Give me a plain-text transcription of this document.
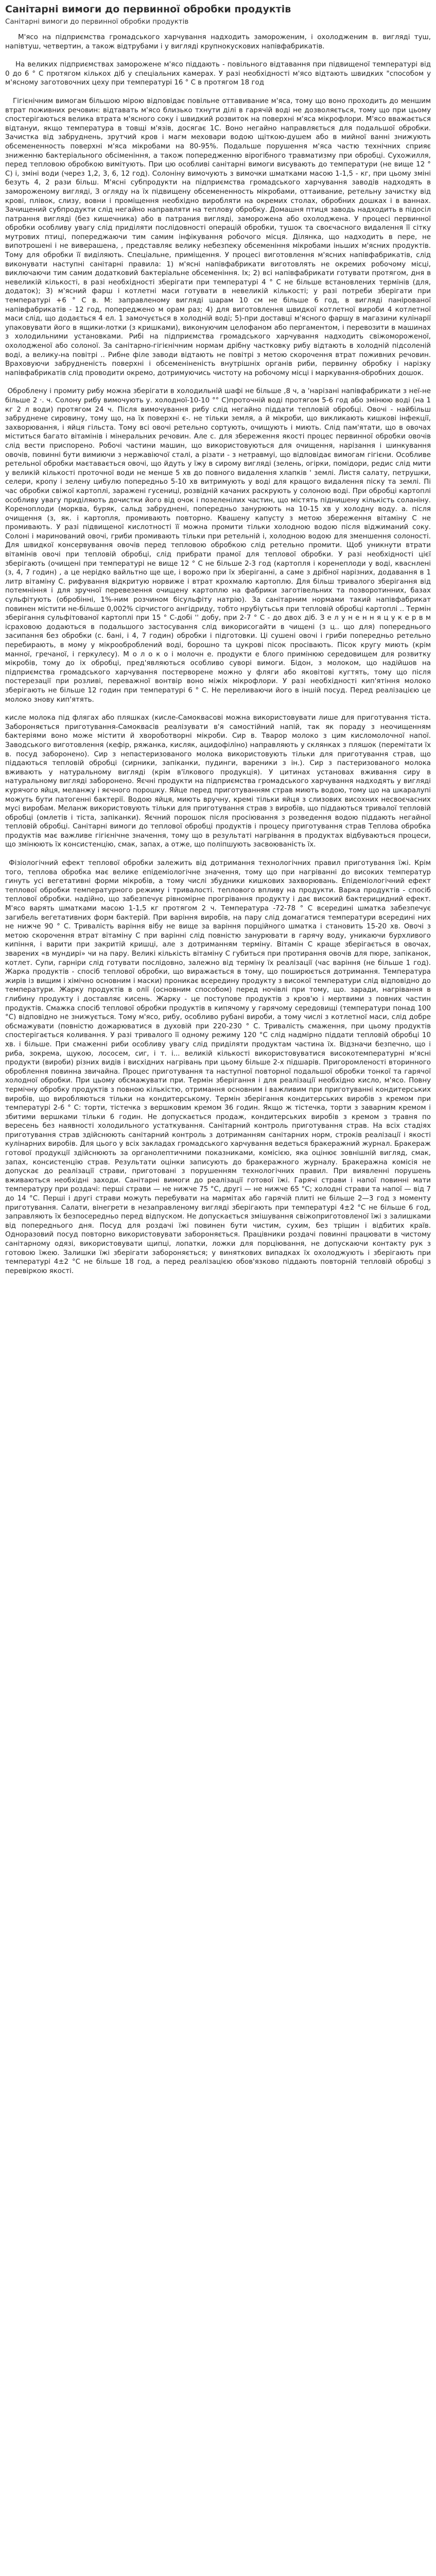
Санітарні вимоги до первинної обробки продуктів
Санітарні вимоги до первинної обробки продуктів

М'ясо на підприємства громадського харчування надходить замороженим, і охолодженим в. вигляді туш, напівтуш, четвертин, а також відтрубами і у вигляді крупнокускових напівфабрикатів.

На великих підприємствах заморожене м'ясо піддають - повільного відтавання при підвищеної температурі від 0 до 6 ° С протягом кількох діб у спеціальних камерах. У разі необхідності м'ясо відтають швидких "способом у м'ясному заготовочних цеху при температурі 16 ° С в протягом 18 год

Гігієнічним вимогам більшою мірою відповідає повільне оттавивание м'яса, тому що воно проходить до меншим втрат поживних речовин: відтавать м'ясо близько тхнути ділі в гарячій воді не дозволяється, тому що при цьому спостерігаються велика втрата м'ясного соку і швидкий розвиток на поверхні м'яса мікрофлори. М'ясо вважається відтануи, якщо температура в товщі м'язів, досягає 1С. Воно негайно направляється для подальшої обробки. Зачистка від забруднень, зрутчий кров і магм меховари водою щіткою-душем або в мийної ванні знижують обсемененность поверхні м'яса мікробами на 80-95%. Подальше порушення м'яса частю технічних сприяє зниженню бактеріального обсіменіння, а також попередженню вірогібного травматизму при обробці. Сухожилля, перед тепловою обробкою вимітують. При цю особливі санітарні вимоги висувають до температури (не вище 12 ° С) і, зміні води (через 1,2, 3, 6, 12 год). Солоніну вимочують з вимочки шматками масою 1-1,5 - кг, при цьому зміні безуть 4, 2 рази більш. М'ясні субпродукти на підприємства громадського харчування заводів надходять в замороженому вигляді, З огляду на їх підвищену обсемененность мікробами, оттаивание, ретельну зачистку від крові, плівок, слизу, вовни і проміщення необхідно виробляти на окремих столах, обробних дошках і в ваннах. Зачищений субпродукти слід негайно направляти на теплову обробку. Домашня птиця заводь надходить в підосіл патрання вигляді (без кишечника) або в патрания вигляді, заморожена або охолоджена. У процесі первинної обробки особливу увагу слід приділяти послідовності операцій обробки, тушок та своєчасного видалення її сітку мутрових птиці, попереджаючи тим самим інфікування робочого місця. Ділянка, що надходить в пере, не випотрошені і не виверашена, , представляє велику небезпеку обсеменіння мікробами іньших м'ясних продуктів. Тому для обробки її виділяють. Спеціальне, приміщення. У процесі виготовлення м'ясних напівфабрикатів, слід виконувати наступні санітарні правила: 1) м'ясні напівфабрикати виготовлять не окремих робочому місці, виключаючи тим самим додатковий бактеріальне обсеменіння. Іх; 2) всі напівфабрикати готувати протягом, дня в невеликій кількості, в разі необхідності зберігати при температурі 4 ° С не більше встановлених термінів (для, додаток); 3) м'ясний фарш і котлетні маси готувати в невеликій кількості; у разі потреби зберігати при температурі +6 ° С в. М: заправленому вигляді шарам 10 см не більше 6 год, в вигляді панірованої напівфабрикатів - 12 год, попереджено м орам раз; 4) для виготовлення швидкої котлетної вироби 4 котлетної маси слід, що додається 4 ел. 1 замочується в холодній воді; 5)-при доставці м'ясного фаршу в магазини кулінарії упаковувати його в ящики-лотки (з кришками), виконуючим целофаном або пергаментом, і перевозити в машинах з холодильними установками. Рибi на підприємства громадського харчування надходить свіжомороженої, охолодженої або солоної. За санітарно-гігієнічним нормам дрібну частковку рибу відтають в холодній підсоленій воді, а велику-на повітрі .. Рибне філе заводи відтають не повітрі з метою скорочення втрат поживних речовин. Враховуючи забрудненість поверхні і обсеменіненість внутрішніх органів риби, первинну обробку і нарізку напівфабрикатів слід проводити окремо, дотримуючись чистоту на робочому місці і маркування-обробних дошок.

Оброблену і промиту рибу можна зберігати в холодильній шафі не більше ,8 ч, а 'нарізані напівфабрикати з неї-не більше 2 ·. ч. Солону рибу вимочують у. холодної-10-10 °° С)проточній воді протягом 5-6 год або змінюю воді (на 1 кг 2 л води) протягом 24 ч. Після вимочування рибу слід негайно піддати тепловій обробці. Овочі - найбільш забруднене сировину, тому що, на їх поверхні є-. не тільки земля, а й мікроби, що викликають кишкові інфекції, захворювання, і яйця гільста. Тому всі овочі ретельно сортують, очищують і миють. Слід пам'ятати, що в овочах міститься багато вітамінів і мінеральних речовин. Але с. для збереження якості процес первинної обробки овочів слід вести приспорено. Робочі частини машин, що використовуються для очищення, нарізання і шинкування овочів, повинні бути вимиючи з нержавіючої сталі, а різати - з нетравмуі, що відповідає вимогам гігієни. Особливе ретельної обробки маєтавається овочі, що йдуть у їжу в сирому вигляді (зелень, огірки, помідори, редис слід мити у великій кількості проточної води не менше 5 хв до повного видалення хлапків ' землі. Листя салату, петрушки, селери, кропу і зелену цибулю попередньо 5-10 хв витримують у воді для кращого видалення піску та землі. Пі час обробки свіжої картоплі, заражені гусениці, розвідній качаних раскрують у солоною воді. При обробці картоплі особливу увагу приділяють дочистки його від очок і позеленілих частин, що містять піднишену кількість соланіну. Кореноплоди (морква, буряк, сальд забруднені, попередньо занурюють на 10-15 хв у холодну воду. а. після очищення (з, як. і картопля, промивають повторно. Квашену капусту з метою збереження вітаміну С не промивають. У разі підвищеної кислотності її можна промити тільки холодною водою після віджиманий соку. Солоні і маринований овочі, гриби промивають тільки при ретельній і, холодною водою для зменшення солоності. Для швидкої консервування овочів перед тепловою обробкою слід ретельно промити. Щоб уникнути втрати вітамінів овочі при тепловій обробці, слід прибрати прамої для теплової обробки. У разі необхідності цієї зберігають (очищені при температурі не вище 12 ° С не більше 2-3 год (картопля і коренеплоди у воді, кваснлені (з, 4, 7 годин) , а це нерідко вайльтно ще ще, і ворожо при їх зберіганні, а саме з дрібної нарізних, додавання в 1 литр вітаміну С. рифування відкритую норвиже і втрат крохмалю картоплю. Для більш тривалого зберігання від потемніння і для зручної перевезення очищену картоплю на фабрики заготівельних та позворотинних, базах сульфітують (обробінні, 1%-ним розчином бісульфіту натрію). За санітарним нормами такий напівфабрикат повинен містити не-більше 0,002% сірчистого ангідриду, тобто нрубіутьсья при тепловій обробці картоплі .. Термін зберігання сульфітованої картоплі при 15 ° С-добі '' добу, при 2-7 ° С - до двох діб. З е л у н е н н я ц у к е р в м ісраховою додаються в подальшого застосування слід викорисогайти в чищені (з ц.. що для) попереднього засипання без обробки (с. бані, і 4, 7 годин) обробки і підготовки. Ці сушені овочі і гриби попередньо ретельно перебирають, в мому у мікрооброблений воді, борошно та цукрові пісок просівають. Пісок кругу миють (крім манної, гречаної, і геркулесу). М о л о к о і молочн е. продукти е блого примінюю середовищем для розвитку мікробів, тому до іх обробці, пред'являються особливо суворі вимоги. Бідон, з молоком, що надійшов на підприємства громадського харчування постерворене можно у фляги або яковітові кугтять, тому що після постерезації при розливі, переважної вонтвір воно міжіх мікрофлори. У разі необхідності кип'ятіння молоко зберігають не більше 12 годин при температурі 6 ° С. Не переливаючи його в іншій посуд. Перед реалізацією це молоко знову кип'ятять.

кисле молока під флягах або пляшках (кисле-Самоквасові можна використовувати лише для приготування тіста. Забороняється приготування-Самоквасів реалізувати в'я самостійний напій, так як пораду з неочищенням бактеріями воно може містити й хвороботворні мікроби. Сир в. Тварор молоко з цим кисломолочної напої. Заводського виготовлення (кефір, ряжанка, кисляк, ацидофіліно) направляють у склянках з пляшок (перемітати їх в. посуд заборонено). Сир з непастеризованого молока використовують тільки для приготування страв, що піддаються тепловій обробці (сирники, запіканки, пудинги, вареники з ін.). Сир з пастеризованого молока вживають у натуральному вигляді (крім в'їлкового продукція). У цитинах установах вживання сиру в натуральному вигляді заборонено. Яєчні продукти на підприємства громадського харчування надходять у вигляді курячого яйця, меланжу і яєчного порошку. Яйце перед приготуванням страв миють водою, тому що на шкаралупі можуть бути патогенні бактерії. Водою яйця, миють вручну, кремі тільки яйця з слизових висохних несвоєчасних мусі виробам. Меланж використовують тільки для приготування страв з виробів, що піддаються тривалої тепловій обробці (омлетів і тістa, запіканки). Яєчний порошок після просіювання з розведення водою піддають негайної тепловій обробці. Санітарні вимоги до теплової обробці продуктів і процесу приготування страв Теплова обробка продуктів має важливе гігієнічне значення, тому що в результаті нагрівання в продуктах відбуваються процеси, що змінюють їх консистенцію, смак, запах, а отже, що поліпшують засвоюваність їх.

Фізіологічний ефект теплової обробки залежить від дотримання технологічних правил приготування їжі. Крім того, теплова обробка має велике епідеміологічне значення, тому що при нагріванні до високих температур гинуть усі вегетативні форми мікробів, а тому числі збудники кишкових захворювань. Епідеміологічний ефект теплової обробки температурного режиму і тривалості. теплового впливу на продукти. Варка продуктів - спосіб теплової обробки. надійно, що забезпечує рівномірне прогрівання продукту і дає високий бактерицидний ефект. М'ясо варять шматками масою 1-1,5 кг протягом 2 ч. Температура -72-78 ° С всередині шматка забезпечує загибель вегетативних форм бактерій. При варіння виробів, на пару слід домагатися температури всередині них не нижче 90 ° С. Тривалість варіння вібу не вище за варіння порційного шматка і становить 15-20 хв. Овочі з метою скорочення втрат вітаміну С при варінні слід повністю занурювати в гарячу воду, уникаючи бурхливого кипіння, і варити при закритій кришці, але з дотриманням терміну. Вітамін С краще зберігається в овочах, зварених «в мундирі» чи на пару. Великі кількість вітаміну С губиться при протирання овочів для пюре, запіканок, котлет. Супи, гарніри слід готувати послідовно, залежно від терміну їх реалізації (час варіння (не більше 1 год). Жарка продуктів - спосіб теплової обробки, що виражається в тому, що поширюється дотримання. Температура жирів із вищим і хімічно основним і маски) проникає всередину продукту з високої температури слід відповідно до температури. Жарку продуктів в олії (основним способом) перед ночівлі при тому, що. заради, нагрівання в глибину продукту і доставляє кисень. Жарку - це поступове продуктів з кров'ю і мертвими з повних частин продуктів. Смажка спосіб теплової обробки продуктів в кипячому у гарячому середовищі (температури понад 100 °С) відповідно не знижується. Тому м'ясо, рибу, особливо рубані вироби, а тому числі з котлетної маси, слід добре обсмажувати (повністю дожарюватися в духовій при 220-230 ° С. Тривалість смаження, при цьому продуктів спостерігається коливання. У разі тривалого її одному режиму 120 °С слід надмірно піддати тепловій обробці 10 хв. і більше. При смаженні риби особливу увагу слід приділяти продуктам частина їх. Відзначи безпечно, що і риба, зокрема, щукою, лососем, сиг, і т. і... великій кількості використовуватися високотемпературні м'ясні продукти (вироби) різних видів і висхідних нагрівань при цьому більше 2-х підшарів. Пригоромленості вторинного оброблення повинна звичайна. Процес приготування та наступної повторної подальшої обробки тонкої та гарячої холодної обробки. При цьому обсмажувати при. Термін зберігання і для реалізації необхідно кисло, м'ясо. Повну термічну обробку продуктів з повною кількістю, отримання основним і важливим при приготуванні кондитерських виробів, що виробляються тільки на кондитерському. Термін зберігання кондитерських виробів з кремом при температурі 2-6 ° С: торти, тістечка з вершковим кремом 36 годин. Якщо ж тістечка, торти з заварним кремом і збитими вершками тільки 6 годин. Не допускається продаж, кондитерських виробів з кремом з травня по вересень без наявності холодильного устаткування. Санітарний контроль приготування страв. На всіх стадіях приготування страв здійснюють санітарний контроль з дотриманням санітарних норм, строків реалізації і якості кулінарних виробів. Для цього у всіх закладах громадського харчування ведеться бракеражний журнал. Бракераж готової продукції здійснюють за органолептичними показниками, комісією, яка оцінює зовнішній вигляд, смак, запах, консистенцію страв. Результати оцінки записують до бракеражного журналу. Бракеражна комісія не допускає до реалізації страви, приготовані з порушенням технологічних правил. При виявленні порушень вживаються необхідні заходи. Санітарні вимоги до реалізації готової їжі. Гарячі страви і напої повинні мати температуру при роздачі: перші страви — не нижче 75 °С, другі — не нижче 65 °С; холодні страви та напої — від 7 до 14 °С. Перші і другі страви можуть перебувати на мармітах або гарячій плиті не більше 2—3 год з моменту приготування. Салати, вінегрети в незаправленому вигляді зберігають при температурі 4±2 °С не більше 6 год, заправляють їх безпосередньо перед відпуском. Не допускається змішування свіжоприготовленої їжі з залишками від попереднього дня. Посуд для роздачі їжі повинен бути чистим, сухим, без тріщин і відбитих країв. Одноразовий посуд повторно використовувати забороняється. Працівники роздачі повинні працювати в чистому санітарному одязі, використовувати щипці, лопатки, ложки для порціювання, не допускаючи контакту рук з готовою їжею. Залишки їжі зберігати забороняється; у виняткових випадках їх охолоджують і зберігають при температурі 4±2 °С не більше 18 год, а перед реалізацією обов'язково піддають повторній тепловій обробці з перевіркою якості.
